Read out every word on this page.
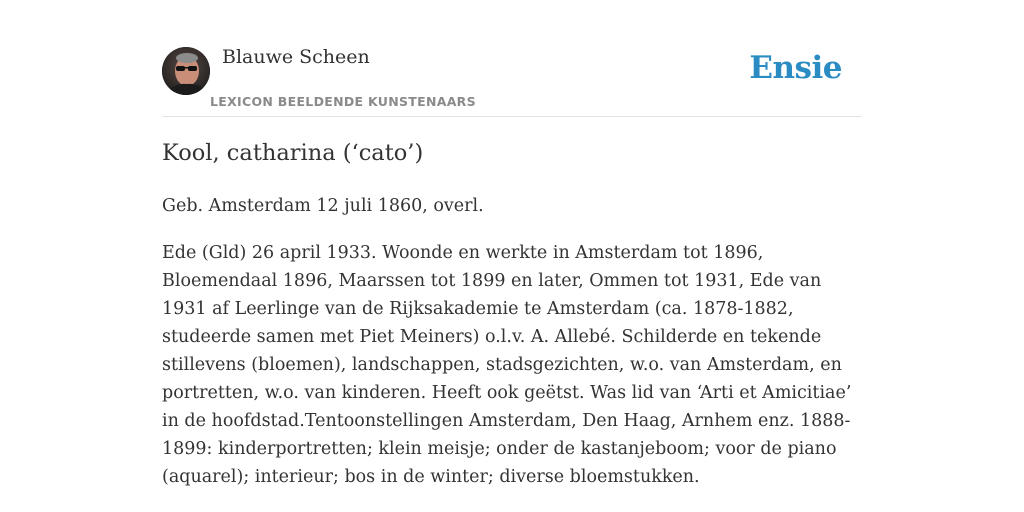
Blauwe Scheen
LEXICON BEELDENDE KUNSTENAARS
Ensie
Kool, catharina (‘cato’)

Geb. Amsterdam 12 juli 1860, overl.

Ede (Gld) 26 april 1933. Woonde en werkte in Amsterdam tot 1896, Bloemendaal 1896, Maarssen tot 1899 en later, Ommen tot 1931, Ede van 1931 af Leerlinge van de Rijksakademie te Amsterdam (ca. 1878-1882, studeerde samen met Piet Meiners) o.l.v. A. Allebé. Schilderde en tekende stillevens (bloemen), landschappen, stadsgezichten, w.o. van Amsterdam, en portretten, w.o. van kinderen. Heeft ook geëtst. Was lid van ‘Arti et Amicitiae’ in de hoofdstad.Tentoonstellingen Amsterdam, Den Haag, Arnhem enz. 1888-1899: kinderportretten; klein meisje; onder de kastanjeboom; voor de piano (aquarel); interieur; bos in de winter; diverse bloemstukken.
